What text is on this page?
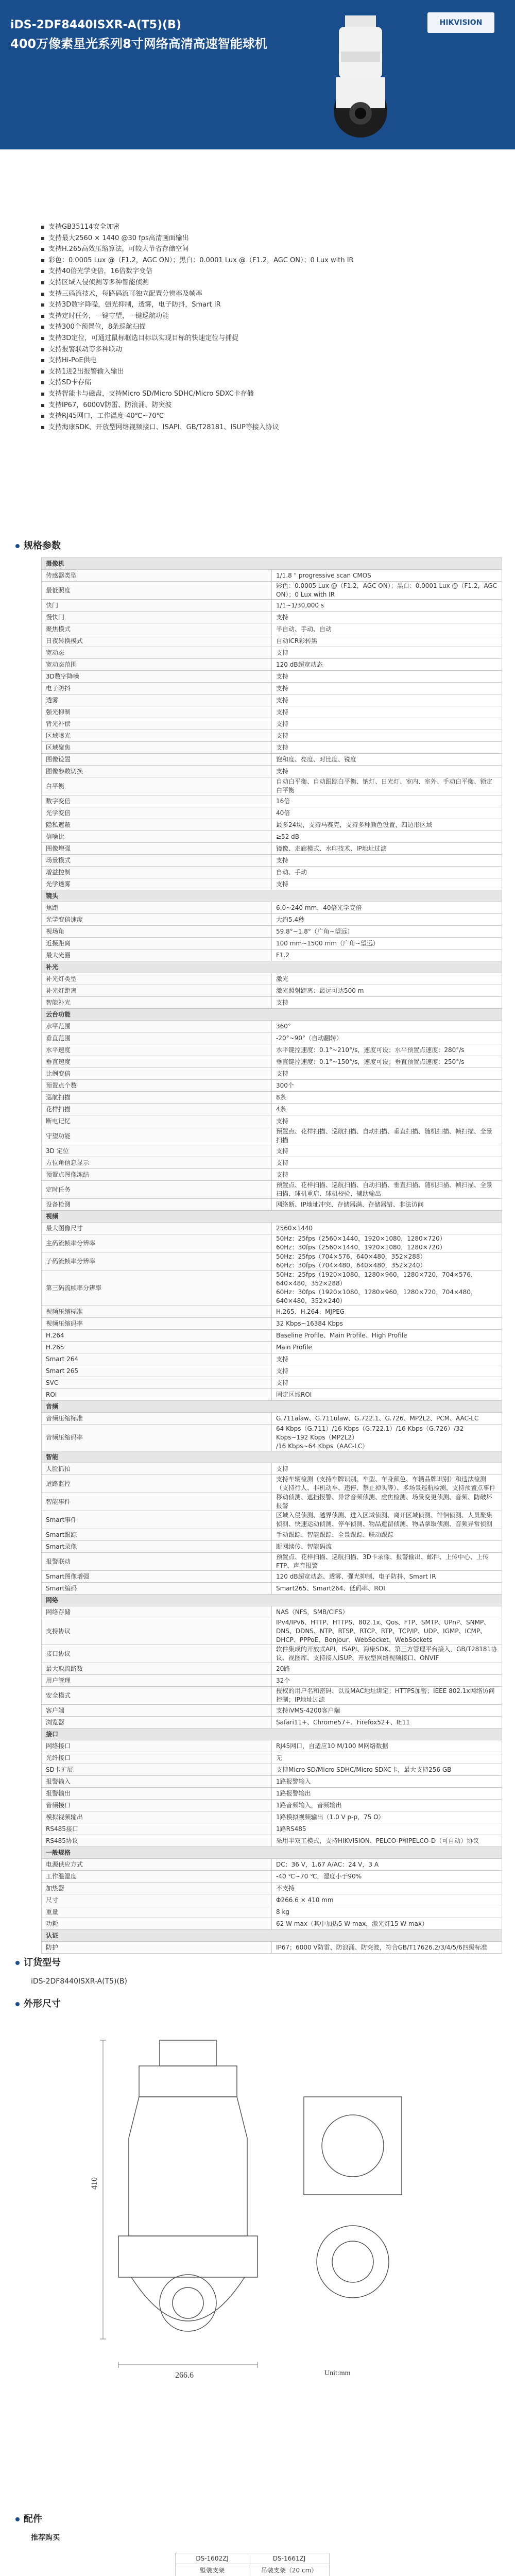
iDS-2DF8440ISXR-A(T5)(B)
400万像素星光系列8寸网络高清高速智能球机
HIKVISION
支持GB35114安全加密
支持最大2560 × 1440 @30 fps高清画面输出
支持H.265高效压缩算法，可较大节省存储空间
彩色：0.0005 Lux @（F1.2，AGC ON）；黑白：0.0001 Lux @（F1.2，AGC ON）；0 Lux with IR
支持40倍光学变倍，16倍数字变倍
支持区域入侵侦测等多种智能侦测
支持三码流技术，每路码流可独立配置分辨率及帧率
支持3D数字降噪，强光抑制，透雾，电子防抖，Smart IR
支持定时任务，一键守望，一键巡航功能
支持300个预置位，8条巡航扫描
支持3D定位，可通过鼠标框选目标以实现目标的快速定位与捕捉
支持报警联动等多种联动
支持Hi-PoE供电
支持1进2出报警输入输出
支持SD卡存储
支持智能卡与磁盘，支持Micro SD/Micro SDHC/Micro SDXC卡存储
支持IP67，6000V防雷、防浪涌、防突波
支持RJ45网口，工作温度-40℃~70℃
支持海康SDK、开放型网络视频接口、ISAPI、GB/T28181、ISUP等接入协议
规格参数
摄像机	
传感器类型	1/1.8 " progressive scan CMOS
最低照度	彩色：0.0005 Lux @（F1.2，AGC ON）；黑白：0.0001 Lux @（F1.2，AGC ON）；0 Lux with IR
快门	1/1~1/30,000 s
慢快门	支持
聚焦模式	半自动、手动、自动
日夜转换模式	自动ICR彩转黑
宽动态	支持
宽动态范围	120 dB超宽动态
3D数字降噪	支持
电子防抖	支持
透雾	支持
强光抑制	支持
背光补偿	支持
区域曝光	支持
区域聚焦	支持
图像设置	饱和度、亮度、对比度、锐度
图像参数切换	支持
白平衡	自动白平衡、自动跟踪白平衡、钠灯、日光灯、室内、室外、手动白平衡、锁定白平衡
数字变倍	16倍
光学变倍	40倍
隐私遮蔽	最多24块，支持马赛克，支持多种颜色设置，四边形区域
信噪比	≥52 dB
图像增强	镜像、走廊模式、水印技术、IP地址过滤
场景模式	支持
增益控制	自动、手动
光学透雾	支持
镜头	
焦距	6.0~240 mm，40倍光学变倍
光学变倍速度	大约5.4秒
视场角	59.8°~1.8°（广角~望远）
近摄距离	100 mm~1500 mm（广角~望远）
最大光圈	F1.2
补光	
补光灯类型	激光
补光灯距离	激光照射距离：最远可达500 m
智能补光	支持
云台功能	
水平范围	360°
垂直范围	-20°~90°（自动翻转）
水平速度	水平键控速度：0.1°~210°/s，速度可设；水平预置点速度：280°/s
垂直速度	垂直键控速度：0.1°~150°/s，速度可设；垂直预置点速度：250°/s
比例变倍	支持
预置点个数	300个
巡航扫描	8条
花样扫描	4条
断电记忆	支持
守望功能	预置点、花样扫描、巡航扫描、自动扫描、垂直扫描、随机扫描、帧扫描、全景扫描
3D 定位	支持
方位角信息显示	支持
预置点图像冻结	支持
定时任务	预置点、花样扫描、巡航扫描、自动扫描、垂直扫描、随机扫描、帧扫描、全景扫描、球机重启、球机校验、辅助输出
设备检测	网络断、IP地址冲突、存储器满、存储器错、非法访问
视频	
最大图像尺寸	2560×1440
主码流帧率分辨率	50Hz：25fps（2560×1440，1920×1080，1280×720）
60Hz：30fps（2560×1440，1920×1080，1280×720）
子码流帧率分辨率	50Hz：25fps（704×576，640×480，352×288）
60Hz：30fps（704×480，640×480，352×240）
第三码流帧率分辨率	50Hz：25fps（1920×1080，1280×960，1280×720，704×576，640×480，352×288）
60Hz：30fps（1920×1080，1280×960，1280×720，704×480，640×480，352×240）
视频压缩标准	H.265、H.264、MJPEG
视频压缩码率	32 Kbps~16384 Kbps
H.264	Baseline Profile、Main Profile、High Profile
H.265	Main Profile
Smart 264	支持
Smart 265	支持
SVC	支持
ROI	固定区域ROI
音频	
音频压缩标准	G.711alaw、G.711ulaw、G.722.1、G.726、MP2L2、PCM、AAC-LC
音频压缩码率	64 Kbps（G.711）/16 Kbps（G.722.1）/16 Kbps（G.726）/32 Kbps~192 Kbps（MP2L2）
/16 Kbps~64 Kbps（AAC-LC）
智能	
人脸抓拍	支持
道路监控	支持车辆检测（支持车牌识别、车型、车身颜色、车辆品牌识别）和违法检测（支持行人、非机动车、违停、禁止掉头等）、多场景巡航检测，支持预置点事件
智能事件	移动侦测、遮挡报警、异常音频侦测、虚焦检测、场景变更侦测、音频、防破坏报警
Smart事件	区域入侵侦测、越界侦测、进入区域侦测、离开区域侦测、徘徊侦测、人员聚集侦测、快速运动侦测、停车侦测、物品遗留侦测、物品拿取侦测、音频异常侦测
Smart跟踪	手动跟踪、智能跟踪、全景跟踪、联动跟踪
Smart录像	断网续传、智能码流
报警联动	预置点、花样扫描、巡航扫描、3D卡录像、报警输出、邮件、上传中心、上传FTP、声音报警
Smart图像增强	120 dB超宽动态、透雾、强光抑制、电子防抖、Smart IR
Smart编码	Smart265、Smart264、低码率、ROI
网络	
网络存储	NAS（NFS，SMB/CIFS）
支持协议	IPv4/IPv6、HTTP、HTTPS、802.1x、Qos、FTP、SMTP、UPnP、SNMP、DNS、DDNS、NTP、RTSP、RTCP、RTP、TCP/IP、UDP、IGMP、ICMP、DHCP、PPPoE、Bonjour、WebSocket、WebSockets
接口协议	软件集成的开放式API，ISAPI、海康SDK、第三方管理平台接入，GB/T28181协议、视图库、支持接入ISUP、开放型网络视频接口、ONVIF
最大取流路数	20路
用户管理	32个
安全模式	授权的用户名和密码、以及MAC地址绑定；HTTPS加密；IEEE 802.1x网络访问控制；IP地址过滤
客户端	支持iVMS-4200客户端
浏览器	Safari11+、Chrome57+、Firefox52+、IE11
接口	
网络接口	RJ45网口，自适应10 M/100 M网络数据
光纤接口	无
SD卡扩展	支持Micro SD/Micro SDHC/Micro SDXC卡，最大支持256 GB
报警输入	1路报警输入
报警输出	1路报警输出
音频接口	1路音频输入，音频输出
模拟视频输出	1路模拟视频输出（1.0 V p-p，75 Ω）
RS485接口	1路RS485
RS485协议	采用半双工模式，支持HIKVISION、PELCO-P和PELCO-D（可自动）协议
一般规格	
电源供应方式	DC：36 V，1.67 A/AC：24 V，3 A
工作温湿度	-40 ℃~70 ℃，湿度小于90%
加热器	不支持
尺寸	Φ266.6 × 410 mm
重量	8 kg
功耗	62 W max（其中加热5 W max，激光灯15 W max）
认证	
防护	IP67；6000 V防雷、防浪涌、防突波，符合GB/T17626.2/3/4/5/6四级标准
订货型号
iDS-2DF8440ISXR-A(T5)(B)
外形尺寸
410
266.6	Unit:mm
配件
推荐购买
DS-1602ZJ	DS-1661ZJ
壁装支架	吊装支架（20 cm）
